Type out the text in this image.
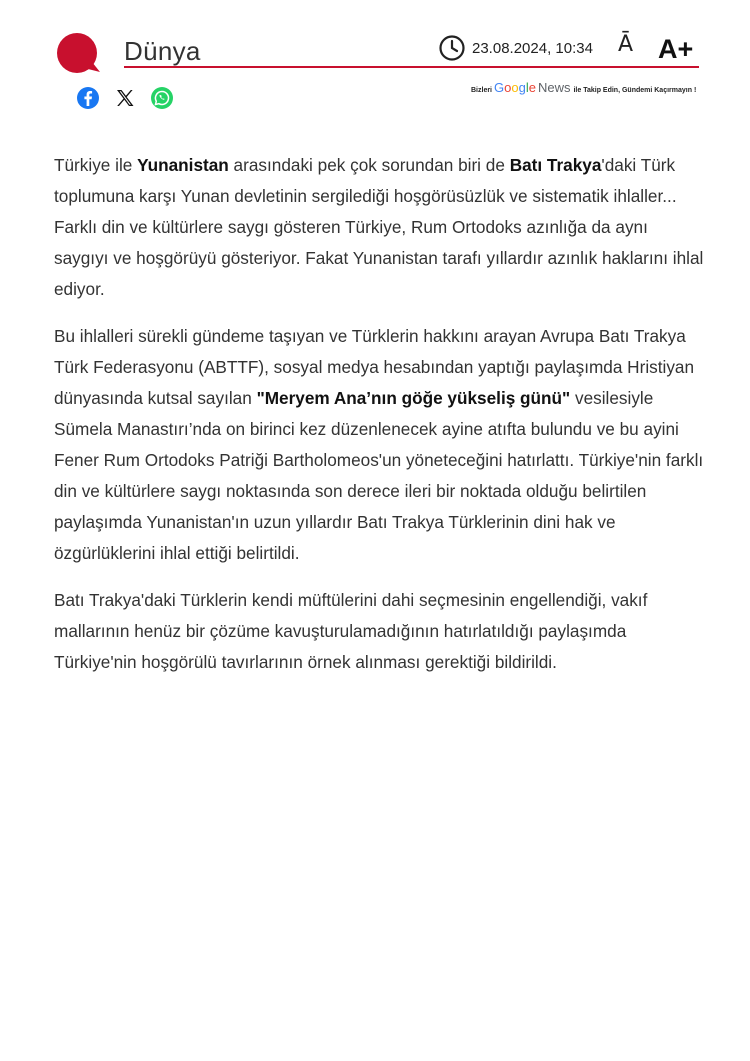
Dünya	23.08.2024, 10:34 Ā A+
Bizleri Google News ile Takip Edin, Gündemi Kaçırmayın !

Türkiye ile Yunanistan arasındaki pek çok sorundan biri de Batı Trakya'daki Türk toplumuna karşı Yunan devletinin sergilediği hoşgörüsüzlük ve sistematik ihlaller... Farklı din ve kültürlere saygı gösteren Türkiye, Rum Ortodoks azınlığa da aynı saygıyı ve hoşgörüyü gösteriyor. Fakat Yunanistan tarafı yıllardır azınlık haklarını ihlal ediyor.

Bu ihlalleri sürekli gündeme taşıyan ve Türklerin hakkını arayan Avrupa Batı Trakya Türk Federasyonu (ABTTF), sosyal medya hesabından yaptığı paylaşımda Hristiyan dünyasında kutsal sayılan "Meryem Ana’nın göğe yükseliş günü" vesilesiyle Sümela Manastırı’nda on birinci kez düzenlenecek ayine atıfta bulundu ve bu ayini Fener Rum Ortodoks Patriği Bartholomeos'un yöneteceğini hatırlattı. Türkiye'nin farklı din ve kültürlere saygı noktasında son derece ileri bir noktada olduğu belirtilen paylaşımda Yunanistan'ın uzun yıllardır Batı Trakya Türklerinin dini hak ve özgürlüklerini ihlal ettiği belirtildi.

Batı Trakya'daki Türklerin kendi müftülerini dahi seçmesinin engellendiği, vakıf mallarının henüz bir çözüme kavuşturulamadığının hatırlatıldığı paylaşımda Türkiye'nin hoşgörülü tavırlarının örnek alınması gerektiği bildirildi.
